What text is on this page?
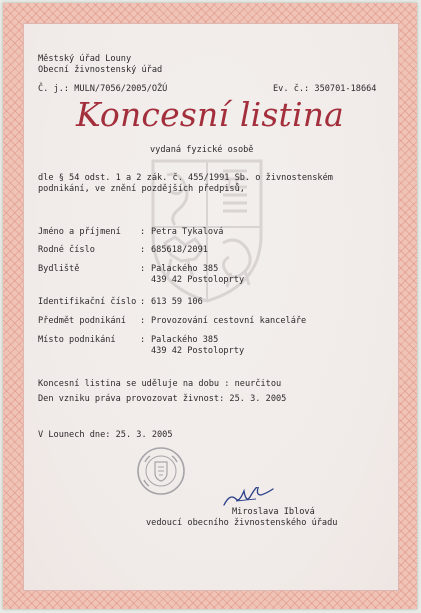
Městský úřad Louny
Obecní živnostenský úřad
Č. j.: MULN/7056/2005/OŽÚ	Ev. č.: 350701-18664
Koncesní listina
vydaná fyzické osobě
dle § 54 odst. 1 a 2 zák. č. 455/1991 Sb. o živnostenském
podnikání, ve znění pozdějších předpisů,
Jméno a příjmení : Petra Tykalová
Rodné číslo	: 685618/2091
Bydliště	: Palackého 385
439 42 Postoloprty
Identifikační číslo : 613 59 106
Předmět podnikání : Provozování cestovní kanceláře
Místo podnikání	: Palackého 385
439 42 Postoloprty
Koncesní listina se uděluje na dobu : neurčitou
Den vzniku práva provozovat živnost: 25. 3. 2005
V Lounech dne: 25. 3. 2005
Miroslava Iblová
vedoucí obecního živnostenského úřadu
